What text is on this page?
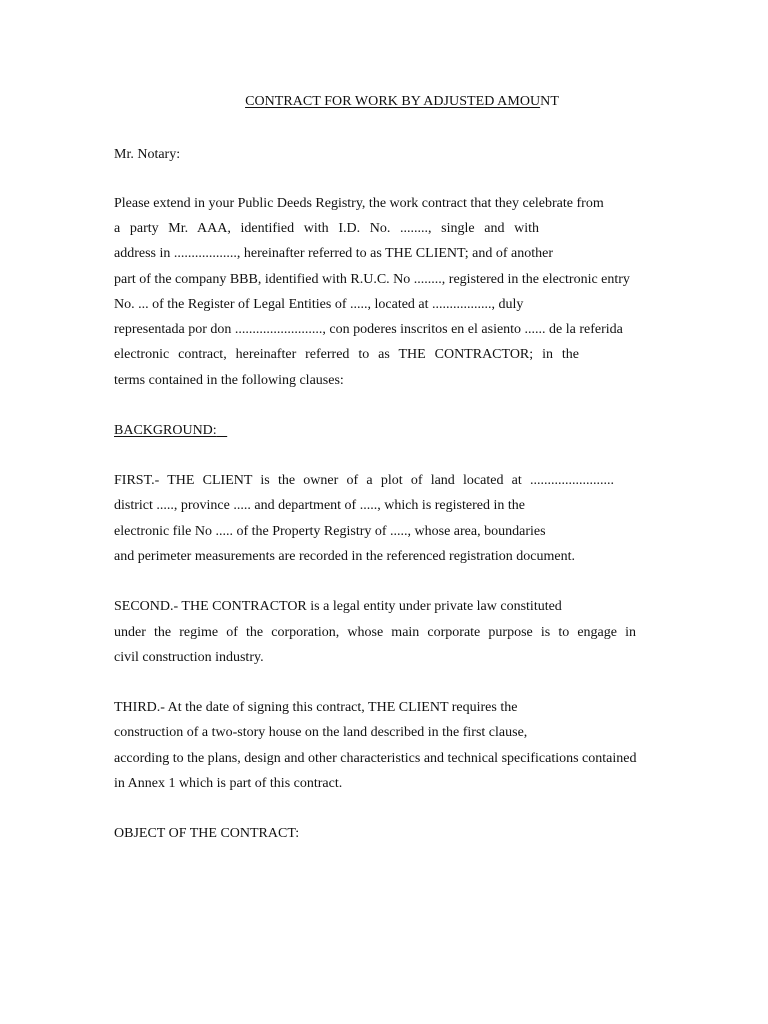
CONTRACT FOR WORK BY ADJUSTED AMOUNT
Mr. Notary:
Please extend in your Public Deeds Registry, the work contract that they celebrate from
a party Mr. AAA, identified with I.D. No. ........, single and with
address in .................., hereinafter referred to as THE CLIENT; and of another
part of the company BBB, identified with R.U.C. No ........, registered in the electronic entry
No. ... of the Register of Legal Entities of ....., located at ................., duly
representada por don ........................., con poderes inscritos en el asiento ...... de la referida
electronic contract, hereinafter referred to as THE CONTRACTOR; in the
terms contained in the following clauses:
BACKGROUND:
FIRST.- THE CLIENT is the owner of a plot of land located at ........................
district ....., province ..... and department of ....., which is registered in the
electronic file No ..... of the Property Registry of ....., whose area, boundaries
and perimeter measurements are recorded in the referenced registration document.
SECOND.- THE CONTRACTOR is a legal entity under private law constituted
under the regime of the corporation, whose main corporate purpose is to engage in
civil construction industry.
THIRD.- At the date of signing this contract, THE CLIENT requires the
construction of a two-story house on the land described in the first clause,
according to the plans, design and other characteristics and technical specifications contained
in Annex 1 which is part of this contract.
OBJECT OF THE CONTRACT:
